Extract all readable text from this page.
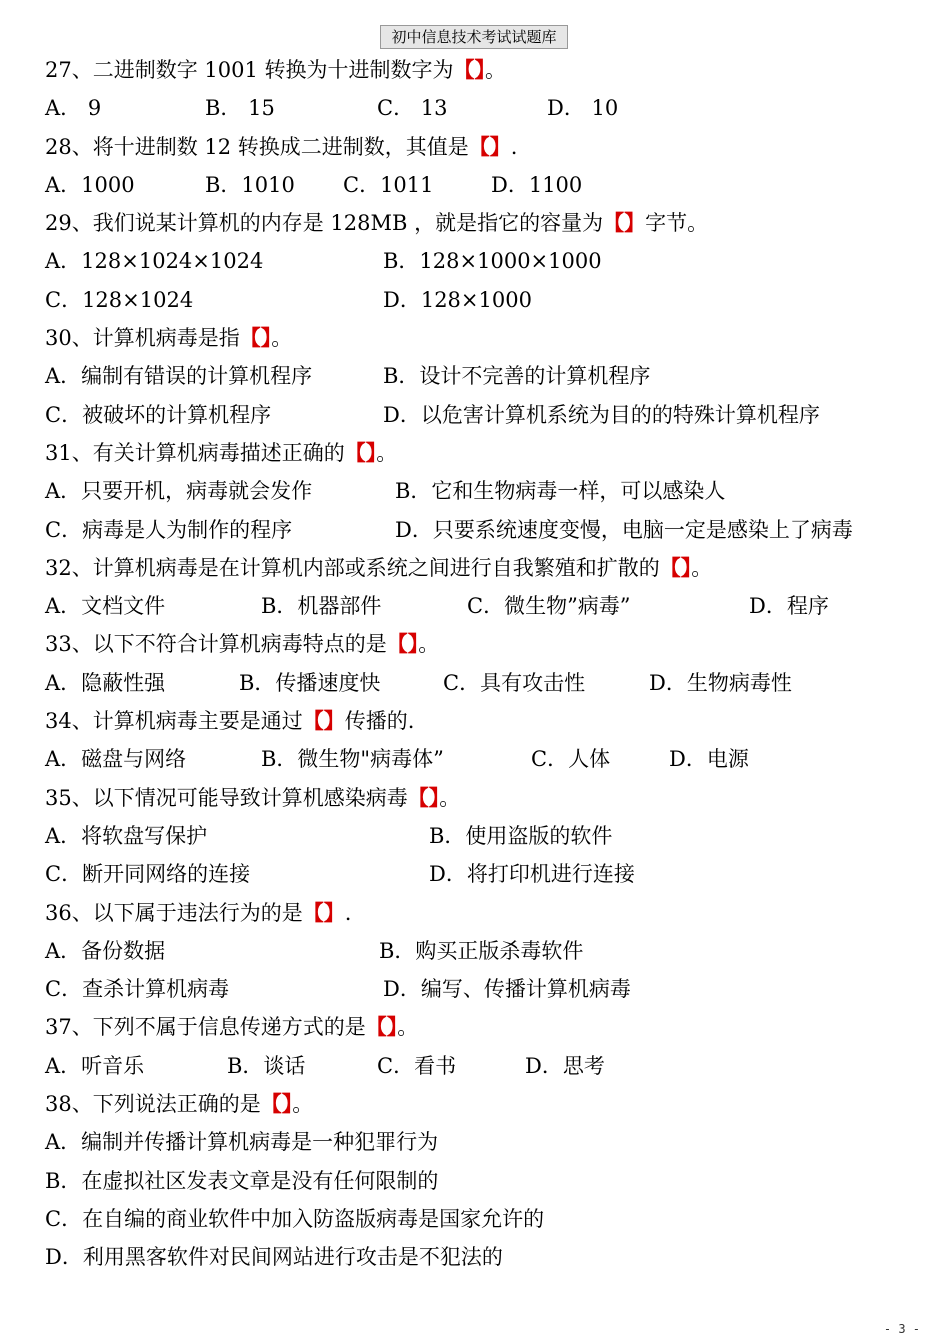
初中信息技术考试试题库
27、二进制数字 1001 转换为十进制数字为【】。
A． 9	B． 15	C． 13	D． 10
28、将十进制数 12 转换成二进制数，其值是【】.
A．1000	B．1010 C．1011	D．1100
29、我们说某计算机的内存是 128MB ，就是指它的容量为【】字节。
A．128×1024×1024	B．128×1000×1000
C．128×1024	D．128×1000
30、计算机病毒是指【】。
A．编制有错误的计算机程序	B．设计不完善的计算机程序
C．被破坏的计算机程序	D．以危害计算机系统为目的的特殊计算机程序
31、有关计算机病毒描述正确的【】。
A．只要开机，病毒就会发作	B．它和生物病毒一样，可以感染人
C．病毒是人为制作的程序	D．只要系统速度变慢，电脑一定是感染上了病毒
32、计算机病毒是在计算机内部或系统之间进行自我繁殖和扩散的【】。
A．文档文件	B．机器部件	C．微生物”病毒”	D．程序
33、以下不符合计算机病毒特点的是【】。
A．隐蔽性强	B．传播速度快	C．具有攻击性	D．生物病毒性
34、计算机病毒主要是通过【】传播的.
A．磁盘与网络	B．微生物"病毒体”	C．人体	D．电源
35、以下情况可能导致计算机感染病毒【】。
A．将软盘写保护	B．使用盗版的软件
C．断开同网络的连接	D．将打印机进行连接
36、以下属于违法行为的是【】.
A．备份数据	B．购买正版杀毒软件
C．查杀计算机病毒	D．编写、传播计算机病毒
37、下列不属于信息传递方式的是【】。
A．听音乐	B．谈话	C．看书	D．思考
38、下列说法正确的是【】。
A．编制并传播计算机病毒是一种犯罪行为
B．在虚拟社区发表文章是没有任何限制的
C．在自编的商业软件中加入防盗版病毒是国家允许的
D．利用黑客软件对民间网站进行攻击是不犯法的
- 3 -
